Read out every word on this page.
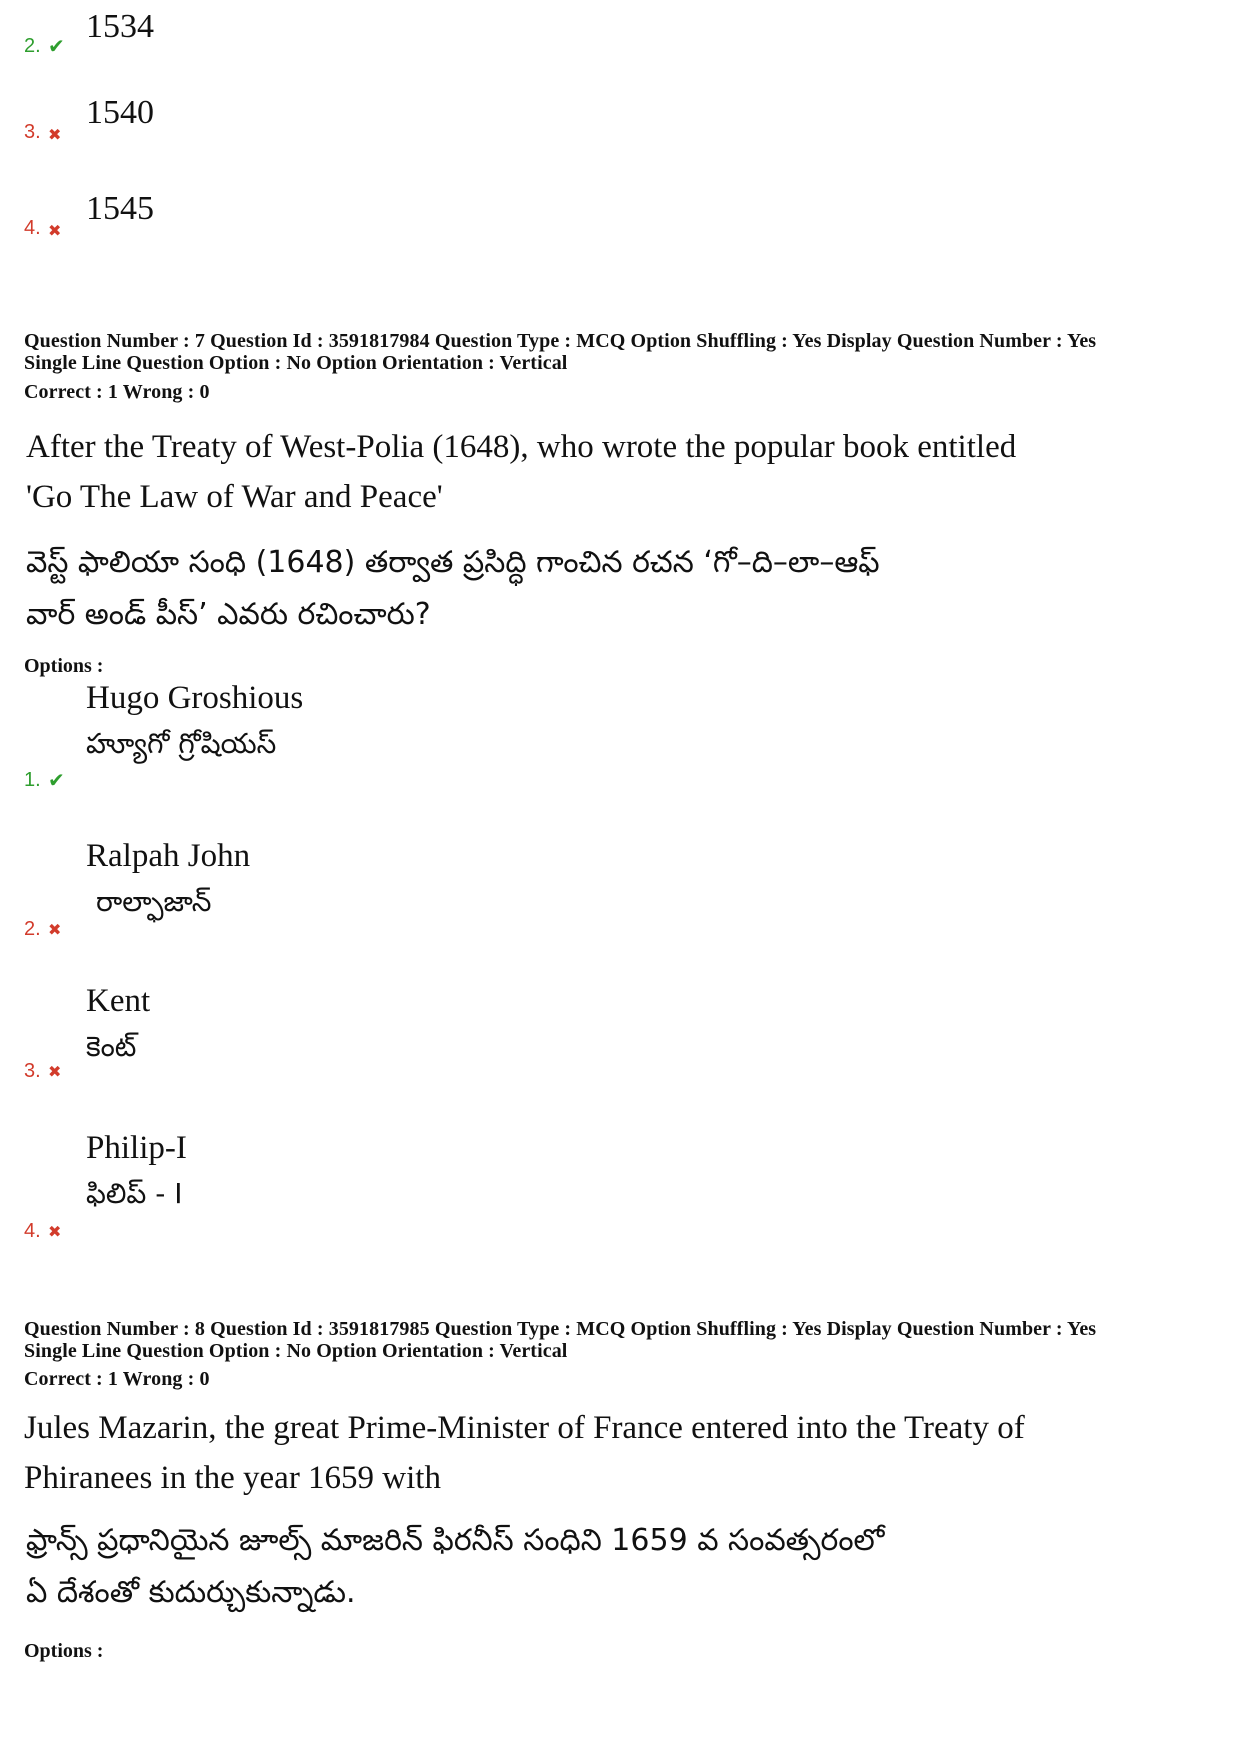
2. ✔
1534
3. ✖
1540
4. ✖
1545
Question Number : 7 Question Id : 3591817984 Question Type : MCQ Option Shuffling : Yes Display Question Number : Yes
Single Line Question Option : No Option Orientation : Vertical
Correct : 1 Wrong : 0
After the Treaty of West-Polia (1648), who wrote the popular book entitled
'Go The Law of War and Peace'
వెస్ట్ ఫాలియా సంధి (1648) తర్వాత ప్రసిద్ధి గాంచిన రచన ‘గో–ది–లా–ఆఫ్
వార్ అండ్ పీస్’ ఎవరు రచించారు?
Options :
Hugo Groshious
హ్యూగో గ్రోషియస్
1. ✔
Ralpah John
రాల్ఫాజాన్
2. ✖
Kent
కెంట్
3. ✖
Philip-I
ఫిలిప్ - I
4. ✖
Question Number : 8 Question Id : 3591817985 Question Type : MCQ Option Shuffling : Yes Display Question Number : Yes
Single Line Question Option : No Option Orientation : Vertical
Correct : 1 Wrong : 0
Jules Mazarin, the great Prime-Minister of France entered into the Treaty of
Phiranees in the year 1659 with
ఫ్రాన్స్ ప్రధానియైన జూల్స్ మాజరిన్ ఫిరనీస్ సంధిని 1659 వ సంవత్సరంలో
ఏ దేశంతో కుదుర్చుకున్నాడు.
Options :
